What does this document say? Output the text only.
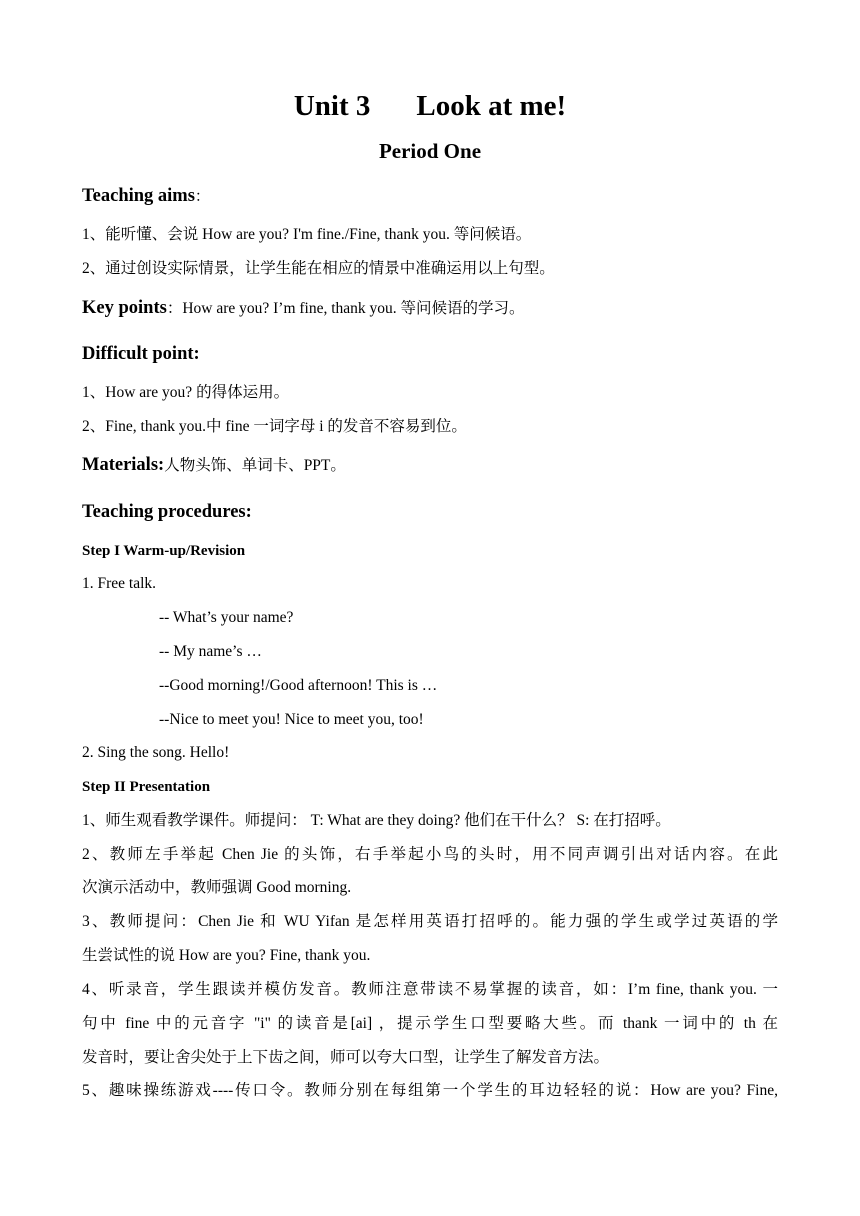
Unit 3 Look at me!
Period One
Teaching aims：
1、能听懂、会说 How are you? I'm fine./Fine, thank you. 等问候语。
2、通过创设实际情景，让学生能在相应的情景中准确运用以上句型。
Key points：How are you? I’m fine, thank you. 等问候语的学习。
Difficult point:
1、How are you? 的得体运用。
2、Fine, thank you.中 fine 一词字母 i 的发音不容易到位。
Materials:人物头饰、单词卡、PPT。
Teaching procedures:
Step I Warm-up/Revision
1. Free talk.
-- What’s your name?
-- My name’s …
--Good morning!/Good afternoon! This is …
--Nice to meet you! Nice to meet you, too!
2. Sing the song. Hello!
Step II Presentation
1、师生观看教学课件。师提问： T: What are they doing? 他们在干什么？ S: 在打招呼。
2、教师左手举起 Chen Jie 的头饰，右手举起小鸟的头时，用不同声调引出对话内容。在此
次演示活动中，教师强调 Good morning.
3、教师提问：Chen Jie 和 WU Yifan 是怎样用英语打招呼的。能力强的学生或学过英语的学
生尝试性的说 How are you? Fine, thank you.
4、听录音，学生跟读并模仿发音。教师注意带读不易掌握的读音，如：I’m fine, thank you. 一
句中 fine 中的元音字 "i" 的读音是[ai] ，提示学生口型要略大些。而 thank 一词中的 th 在
发音时，要让舍尖处于上下齿之间，师可以夸大口型，让学生了解发音方法。
5、趣味操练游戏----传口令。教师分别在每组第一个学生的耳边轻轻的说：How are you? Fine,
